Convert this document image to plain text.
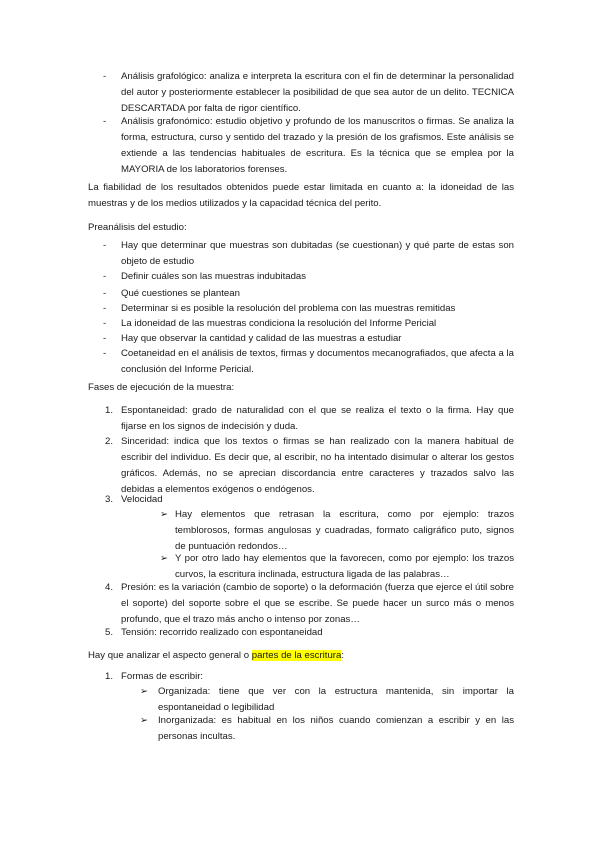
- Análisis grafológico: analiza e interpreta la escritura con el fin de determinar la personalidad del autor y posteriormente establecer la posibilidad de que sea autor de un delito. TECNICA DESCARTADA por falta de rigor científico.
- Análisis grafonómico: estudio objetivo y profundo de los manuscritos o firmas. Se analiza la forma, estructura, curso y sentido del trazado y la presión de los grafismos. Este análisis se extiende a las tendencias habituales de escritura. Es la técnica que se emplea por la MAYORIA de los laboratorios forenses.
La fiabilidad de los resultados obtenidos puede estar limitada en cuanto a: la idoneidad de las muestras y de los medios utilizados y la capacidad técnica del perito.
Preanálisis del estudio:
- Hay que determinar que muestras son dubitadas (se cuestionan) y qué parte de estas son objeto de estudio
- Definir cuáles son las muestras indubitadas
- Qué cuestiones se plantean
- Determinar si es posible la resolución del problema con las muestras remitidas
- La idoneidad de las muestras condiciona la resolución del Informe Pericial
- Hay que observar la cantidad y calidad de las muestras a estudiar
- Coetaneidad en el análisis de textos, firmas y documentos mecanografiados, que afecta a la conclusión del Informe Pericial.
Fases de ejecución de la muestra:
1. Espontaneidad: grado de naturalidad con el que se realiza el texto o la firma. Hay que fijarse en los signos de indecisión y duda.
2. Sinceridad: indica que los textos o firmas se han realizado con la manera habitual de escribir del individuo. Es decir que, al escribir, no ha intentado disimular o alterar los gestos gráficos. Además, no se aprecian discordancia entre caracteres y trazados salvo las debidas a elementos exógenos o endógenos.
3. Velocidad
➢ Hay elementos que retrasan la escritura, como por ejemplo: trazos temblorosos, formas angulosas y cuadradas, formato caligráfico puto, signos de puntuación redondos…
➢ Y por otro lado hay elementos que la favorecen, como por ejemplo: los trazos curvos, la escritura inclinada, estructura ligada de las palabras…
4. Presión: es la variación (cambio de soporte) o la deformación (fuerza que ejerce el útil sobre el soporte) del soporte sobre el que se escribe. Se puede hacer un surco más o menos profundo, que el trazo más ancho o intenso por zonas…
5. Tensión: recorrido realizado con espontaneidad
Hay que analizar el aspecto general o partes de la escritura:
1. Formas de escribir:
➢ Organizada: tiene que ver con la estructura mantenida, sin importar la espontaneidad o legibilidad
➢ Inorganizada: es habitual en los niños cuando comienzan a escribir y en las personas incultas.
